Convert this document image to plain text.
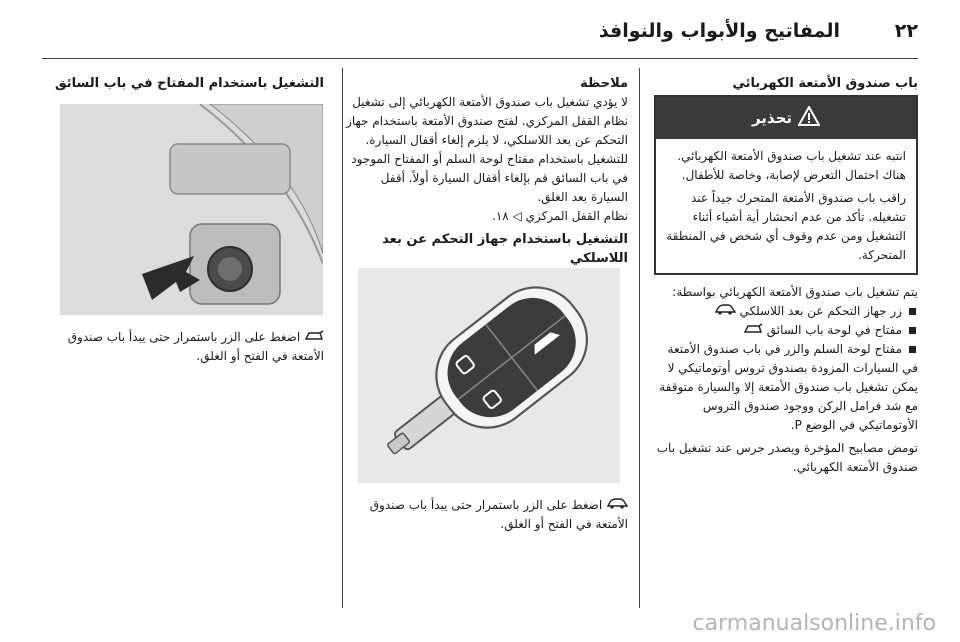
٢٢
المفاتيح والأبواب والنوافذ
باب صندوق الأمتعة الكهربائي
تحذير

انتبه عند تشغيل باب صندوق الأمتعة الكهربائي. هناك احتمال التعرض لإصابة، وخاصة للأطفال.

راقب باب صندوق الأمتعة المتحرك جيداً عند تشغيله. تأكد من عدم انحشار أية أشياء أثناء التشغيل ومن عدم وقوف أي شخص في المنطقة المتحركة.

يتم تشغيل باب صندوق الأمتعة الكهربائي بواسطة:

زر جهاز التحكم عن بعد اللاسلكي
مفتاح في لوحة باب السائق
مفتاح لوحة السلم والزر في باب صندوق الأمتعة

في السيارات المزودة بصندوق تروس أوتوماتيكي لا يمكن تشغيل باب صندوق الأمتعة إلا والسيارة متوقفة مع شد فرامل الركن ووجود صندوق التروس الأوتوماتيكي في الوضع P.

تومض مصابيح المؤخرة ويصدر جرس عند تشغيل باب صندوق الأمتعة الكهربائي.

ملاحظة

لا يؤدي تشغيل باب صندوق الأمتعة الكهربائي إلى تشغيل نظام القفل المركزي. لفتح صندوق الأمتعة باستخدام جهاز التحكم عن بعد اللاسلكي، لا يلزم إلغاء أقفال السيارة. للتشغيل باستخدام مفتاح لوحة السلم أو المفتاح الموجود في باب السائق قم بإلغاء أقفال السيارة أولاً. أقفل السيارة بعد الغلق.

نظام القفل المركزي ◁ ١٨.

التشغيل باستخدام جهاز التحكم عن بعد اللاسلكي

اضغط على الزر باستمرار حتى يبدأ باب صندوق الأمتعة في الفتح أو الغلق.
التشغيل باستخدام المفتاح في باب السائق
اضغط على الزر باستمرار حتى يبدأ باب صندوق الأمتعة في الفتح أو الغلق.
carmanualsonline.info
